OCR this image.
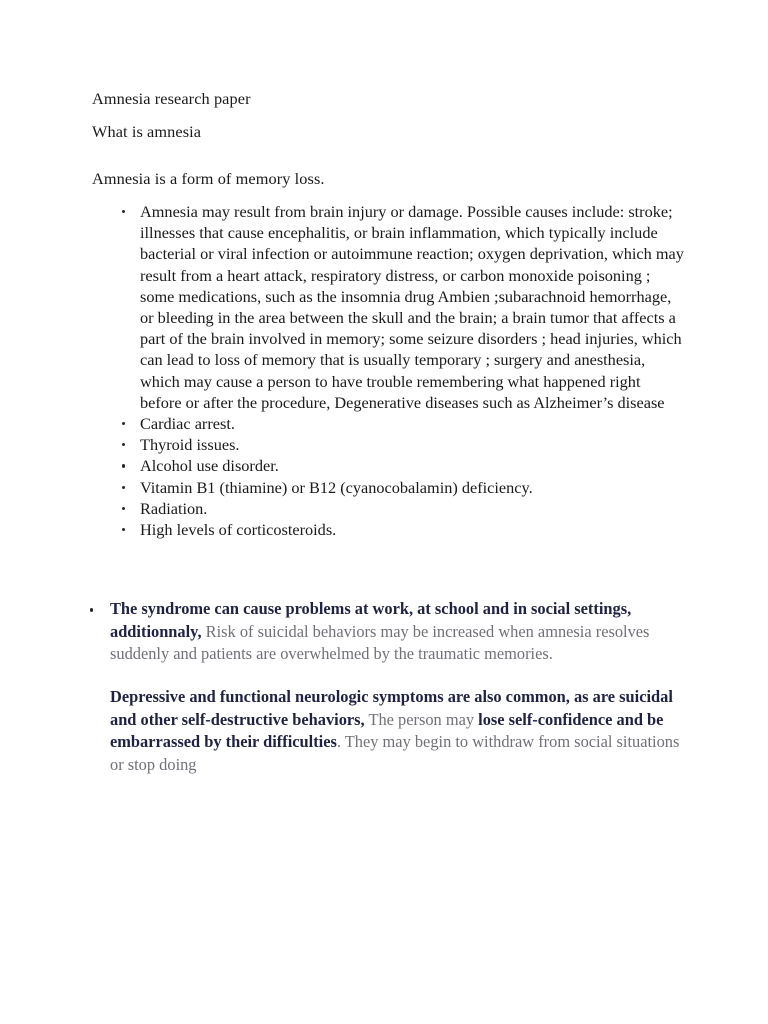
Amnesia research paper

What is amnesia

Amnesia is a form of memory loss.

Amnesia may result from brain injury or damage. Possible causes include: stroke; illnesses that cause encephalitis, or brain inflammation, which typically include bacterial or viral infection or autoimmune reaction; oxygen deprivation, which may result from a heart attack, respiratory distress, or carbon monoxide poisoning ; some medications, such as the insomnia drug Ambien ;subarachnoid hemorrhage, or bleeding in the area between the skull and the brain; a brain tumor that affects a part of the brain involved in memory; some seizure disorders ; head injuries, which can lead to loss of memory that is usually temporary ; surgery and anesthesia, which may cause a person to have trouble remembering what happened right before or after the procedure, Degenerative diseases such as Alzheimer’s disease
Cardiac arrest.
Thyroid issues.
Alcohol use disorder.
Vitamin B1 (thiamine) or B12 (cyanocobalamin) deficiency.
Radiation.
High levels of corticosteroids.
The syndrome can cause problems at work, at school and in social settings, additionnaly, Risk of suicidal behaviors may be increased when amnesia resolves suddenly and patients are overwhelmed by the traumatic memories.

Depressive and functional neurologic symptoms are also common, as are suicidal and other self-destructive behaviors, The person may lose self-confidence and be embarrassed by their difficulties. They may begin to withdraw from social situations or stop doing
